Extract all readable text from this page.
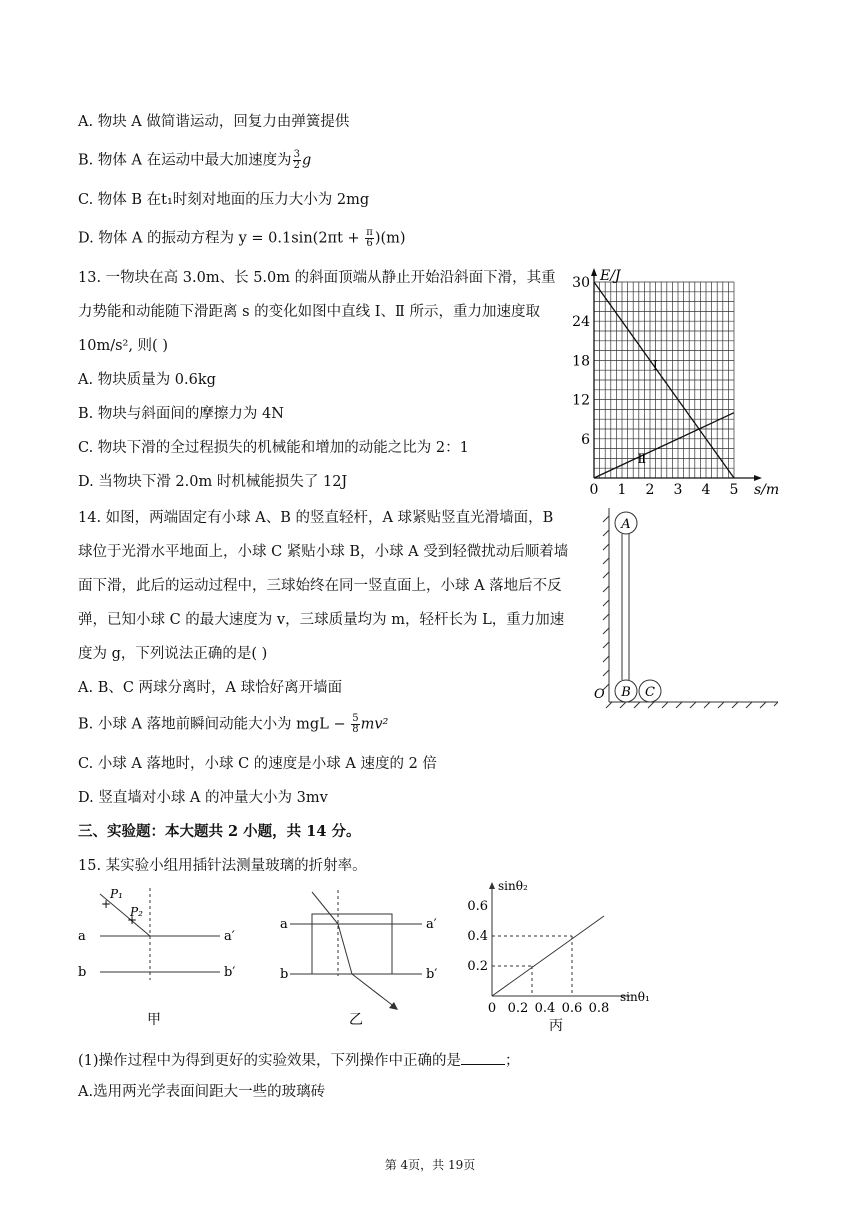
A. 物块 A 做简谐运动，回复力由弹簧提供
B. 物体 A 在运动中最大加速度为 $\frac{3}{2}$ g
C. 物体 B 在t₁时刻对地面的压力大小为 2mg
D. 物体 A 的振动方程为 $y = 0.1\sin(2\pi t + \frac{\pi}{6} )(m)$
13. 一物块在高 3.0m、长 5.0m 的斜面顶端从静止开始沿斜面下滑，其重
力势能和动能随下滑距离 s 的变化如图中直线 Ⅰ、Ⅱ 所示，重力加速度取
10m/s², 则( )
A. 物块质量为 0.6kg
B. 物块与斜面间的摩擦力为 4N
C. 物块下滑的全过程损失的机械能和增加的动能之比为 2：1
D. 当物块下滑 2.0m 时机械能损失了 12J
Ⅰ
Ⅱ
0 1 2 3 4 5
6
12
18
24
30 E/J
s/m
14. 如图，两端固定有小球 A、B 的竖直轻杆，A 球紧贴竖直光滑墙面，B
球位于光滑水平地面上，小球 C 紧贴小球 B，小球 A 受到轻微扰动后顺着墙
面下滑，此后的运动过程中，三球始终在同一竖直面上，小球 A 落地后不反
弹，已知小球 C 的最大速度为 v，三球质量均为 m，轻杆长为 L，重力加速
度为 g，下列说法正确的是( )
A. B、C 两球分离时，A 球恰好离开墙面
B. 小球 A 落地前瞬间动能大小为 mgL − $\frac{5}{8} mv^2$
C. 小球 A 落地时，小球 C 的速度是小球 A 速度的 2 倍
D. 竖直墙对小球 A 的冲量大小为 3mv
A
B C
O
三、实验题：本大题共 2 小题，共 14 分。
15. 某实验小组用插针法测量玻璃的折射率。
+
+
P₁
P₂
a	a′
b	b′
甲
a	a′
b	b′
乙
sinθ₂
sinθ₁
0.6
0.4
0.2
0 0.2 0.4 0.6 0.8
丙
(1)操作过程中为得到更好的实验效果，下列操作中正确的是	；
A.选用两光学表面间距大一些的玻璃砖
第 4页，共 19页
